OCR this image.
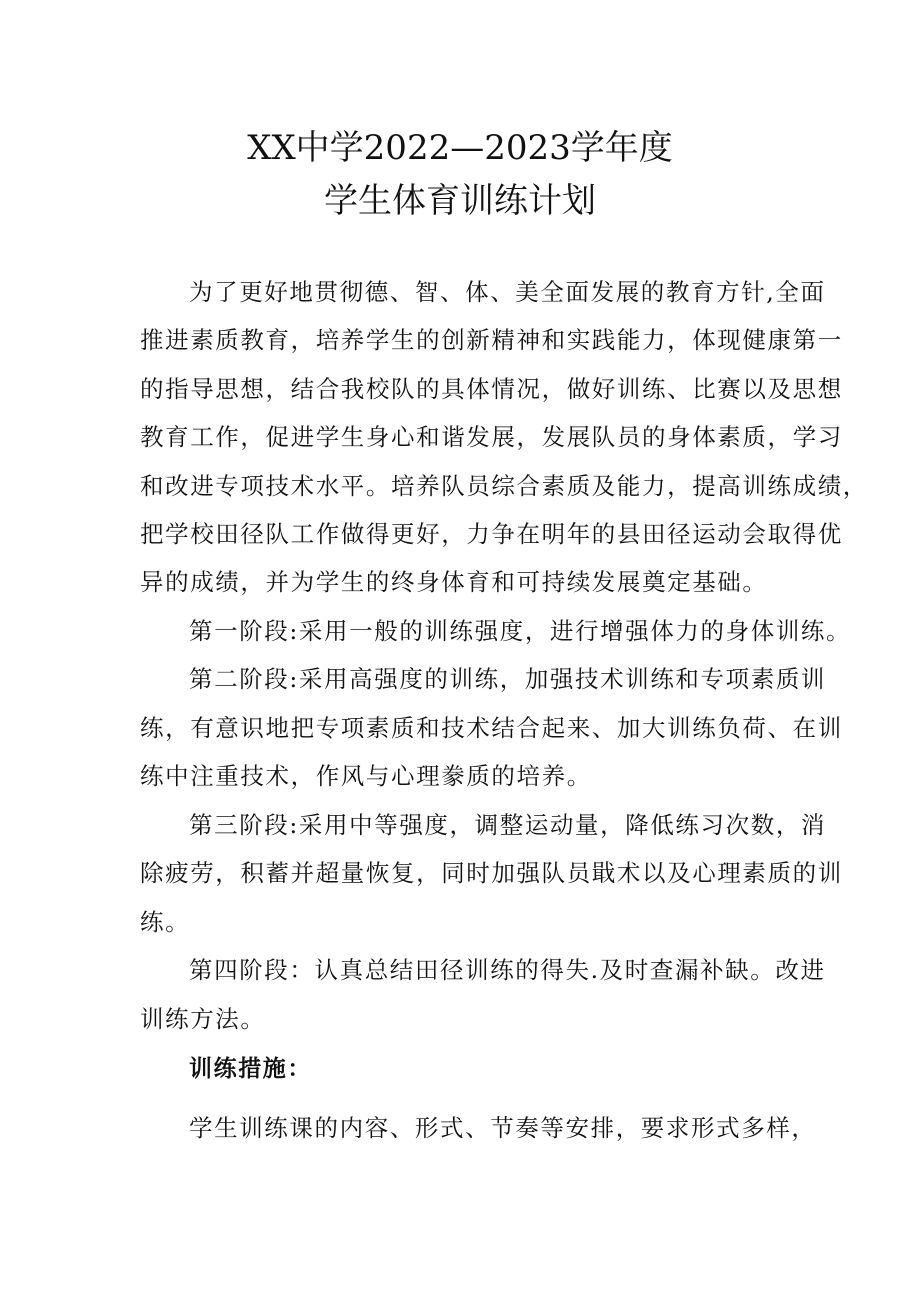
XX中学2022—2023学年度
学生体育训练计划
为了更好地贯彻德、智、体、美全面发展的教育方针,全面
推进素质教育，培养学生的创新精神和实践能力，体现健康第一
的指导思想，结合我校队的具体情况，做好训练、比赛以及思想
教育工作，促进学生身心和谐发展，发展队员的身体素质，学习
和改进专项技术水平。培养队员综合素质及能力，提高训练成绩，
把学校田径队工作做得更好，力争在明年的县田径运动会取得优
异的成绩，并为学生的终身体育和可持续发展奠定基础。
第一阶段:采用一般的训练强度，进行增强体力的身体训练。
第二阶段:采用高强度的训练，加强技术训练和专项素质训
练，有意识地把专项素质和技术结合起来、加大训练负荷、在训
练中注重技术，作风与心理豢质的培养。
第三阶段:采用中等强度，调整运动量，降低练习次数，消
除疲劳，积蓄并超量恢复，同时加强队员戢术以及心理素质的训
练。
第四阶段：认真总结田径训练的得失.及时查漏补缺。改进
训练方法。
训练措施：
学生训练课的内容、形式、节奏等安排，要求形式多样，
